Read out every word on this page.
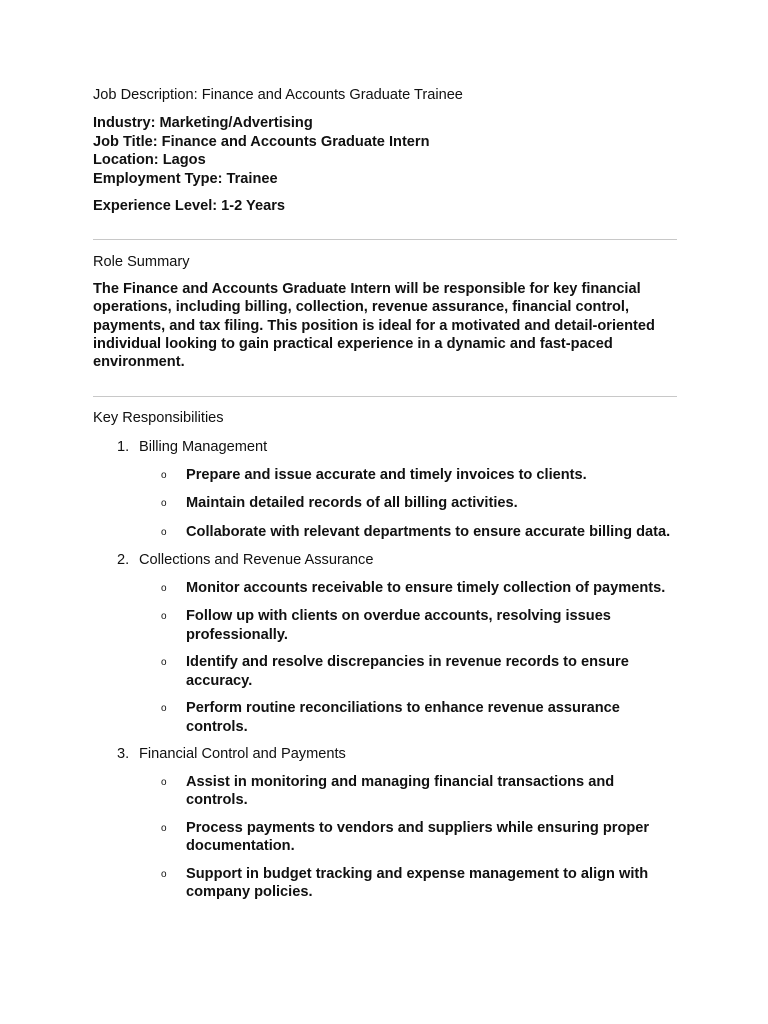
Job Description: Finance and Accounts Graduate Trainee

Industry: Marketing/Advertising

Job Title: Finance and Accounts Graduate Intern

Location: Lagos

Employment Type: Trainee

Experience Level: 1-2 Years

Role Summary

The Finance and Accounts Graduate Intern will be responsible for key financial operations, including billing, collection, revenue assurance, financial control, payments, and tax filing. This position is ideal for a motivated and detail-oriented individual looking to gain practical experience in a dynamic and fast-paced environment.

Key Responsibilities

1. Billing Management
o	Prepare and issue accurate and timely invoices to clients.
o	Maintain detailed records of all billing activities.
o	Collaborate with relevant departments to ensure accurate billing data.
2. Collections and Revenue Assurance
o	Monitor accounts receivable to ensure timely collection of payments.
o	Follow up with clients on overdue accounts, resolving issues professionally.
o	Identify and resolve discrepancies in revenue records to ensure accuracy.
o	Perform routine reconciliations to enhance revenue assurance controls.
3. Financial Control and Payments
o	Assist in monitoring and managing financial transactions and controls.
o	Process payments to vendors and suppliers while ensuring proper documentation.
o	Support in budget tracking and expense management to align with company policies.
